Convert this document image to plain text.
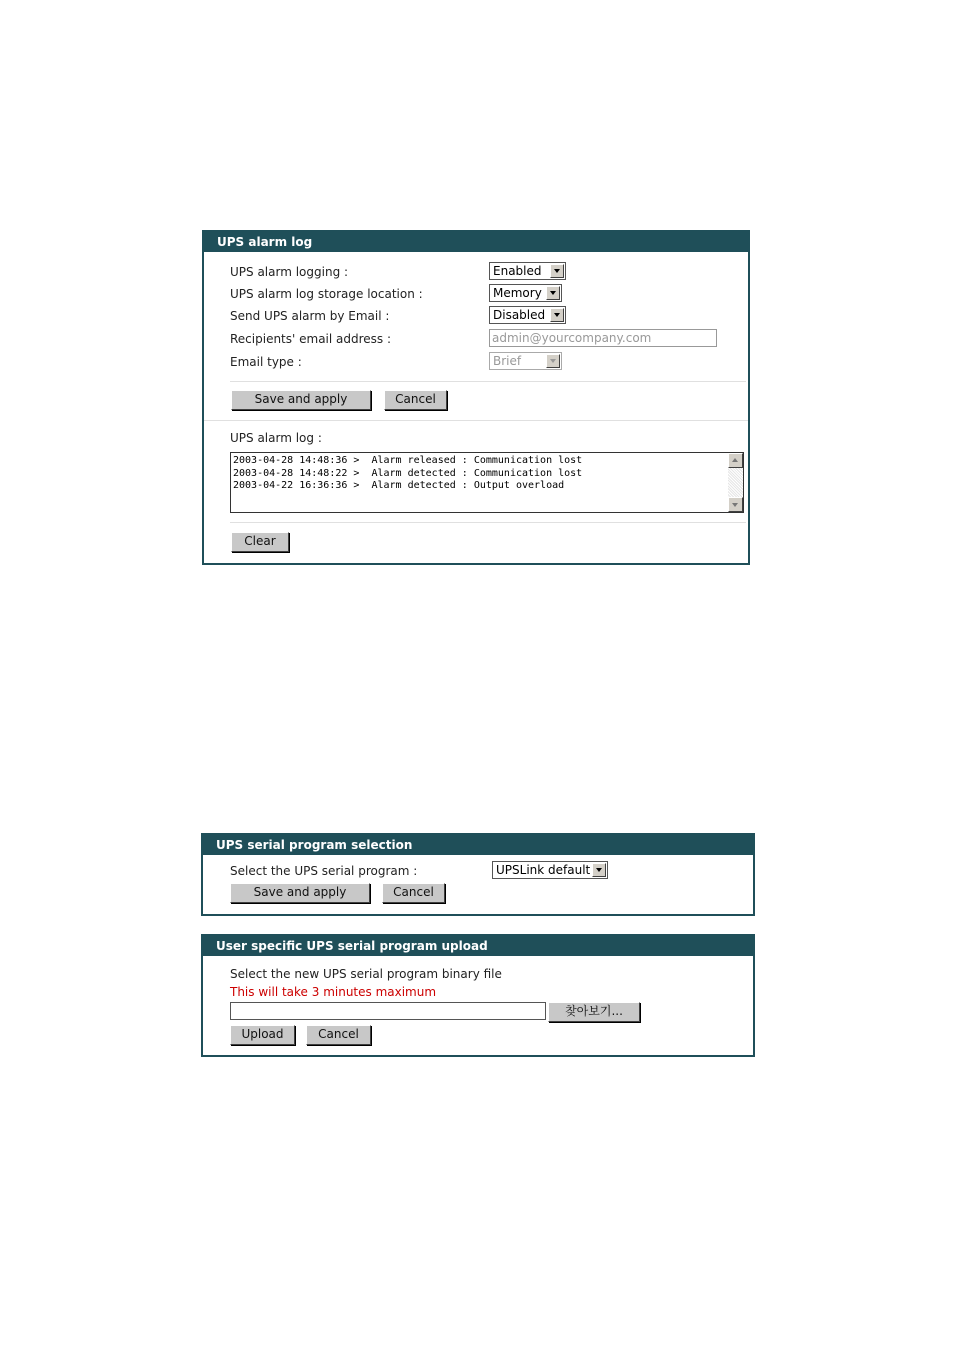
UPS alarm log
UPS alarm logging :	Enabled
UPS alarm log storage location :	Memory
Send UPS alarm by Email :	Disabled
Recipients' email address :	admin@yourcompany.com
Email type :	Brief
Save and apply	Cancel
UPS alarm log :
2003-04-28 14:48:36 >  Alarm released : Communication lost
2003-04-28 14:48:22 >  Alarm detected : Communication lost
2003-04-22 16:36:36 >  Alarm detected : Output overload
Clear
UPS serial program selection
Select the UPS serial program :	UPSLink default
Save and apply	Cancel
User specific UPS serial program upload
Select the new UPS serial program binary file
This will take 3 minutes maximum
찾아보기...
Upload	Cancel
